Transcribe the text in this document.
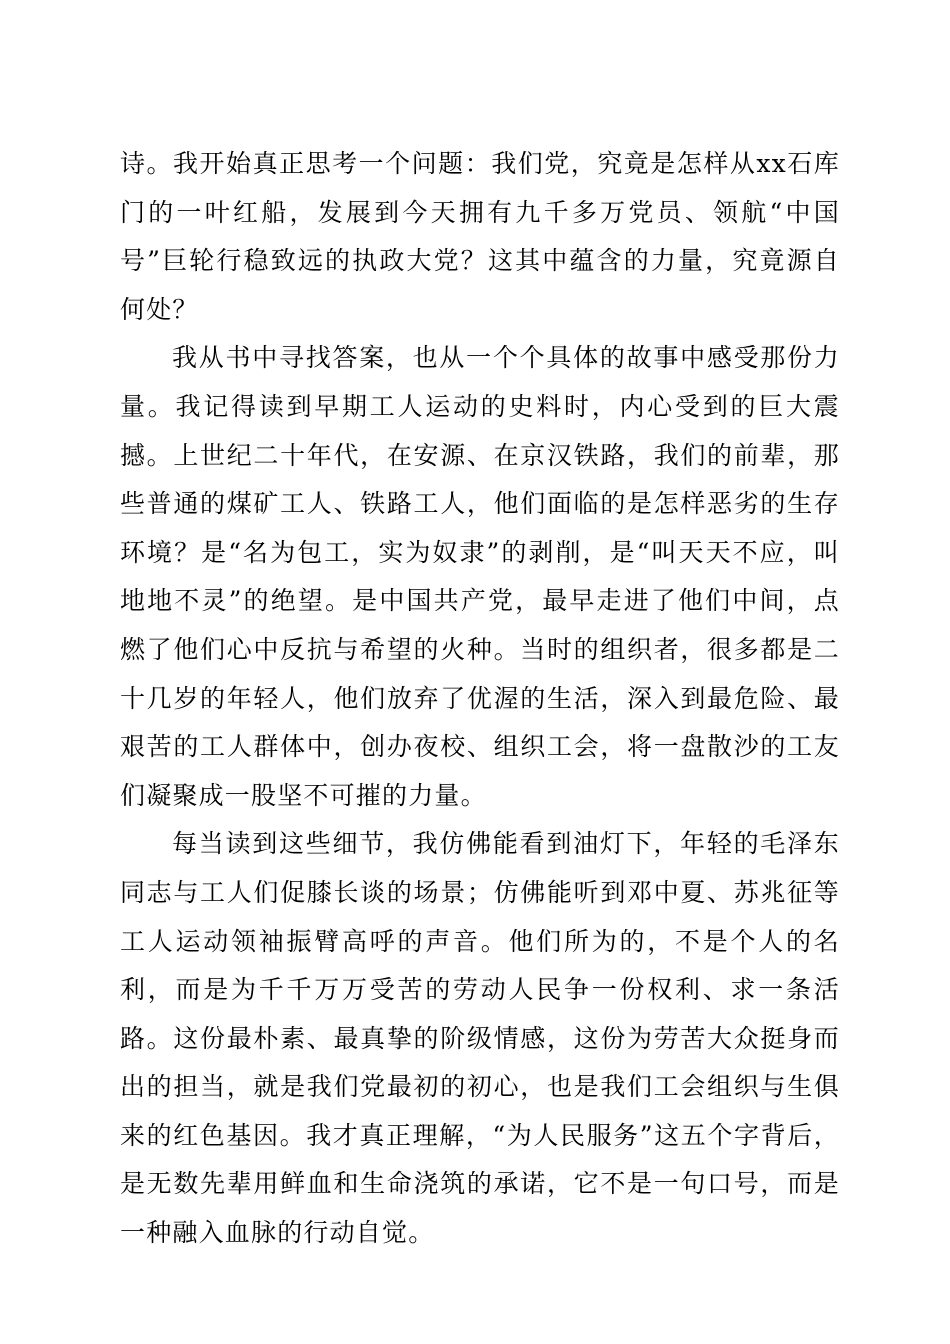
诗。我开始真正思考一个问题：我们党，究竟是怎样从xx石库门的一叶红船，发展到今天拥有九千多万党员、领航“中国号”巨轮行稳致远的执政大党？这其中蕴含的力量，究竟源自何处？

我从书中寻找答案，也从一个个具体的故事中感受那份力量。我记得读到早期工人运动的史料时，内心受到的巨大震撼。上世纪二十年代，在安源、在京汉铁路，我们的前辈，那些普通的煤矿工人、铁路工人，他们面临的是怎样恶劣的生存环境？是“名为包工，实为奴隶”的剥削，是“叫天天不应，叫地地不灵”的绝望。是中国共产党，最早走进了他们中间，点燃了他们心中反抗与希望的火种。当时的组织者，很多都是二十几岁的年轻人，他们放弃了优渥的生活，深入到最危险、最艰苦的工人群体中，创办夜校、组织工会，将一盘散沙的工友们凝聚成一股坚不可摧的力量。

每当读到这些细节，我仿佛能看到油灯下，年轻的毛泽东同志与工人们促膝长谈的场景；仿佛能听到邓中夏、苏兆征等工人运动领袖振臂高呼的声音。他们所为的，不是个人的名利，而是为千千万万受苦的劳动人民争一份权利、求一条活路。这份最朴素、最真挚的阶级情感，这份为劳苦大众挺身而出的担当，就是我们党最初的初心，也是我们工会组织与生俱来的红色基因。我才真正理解，“为人民服务”这五个字背后，是无数先辈用鲜血和生命浇筑的承诺，它不是一句口号，而是一种融入血脉的行动自觉。
